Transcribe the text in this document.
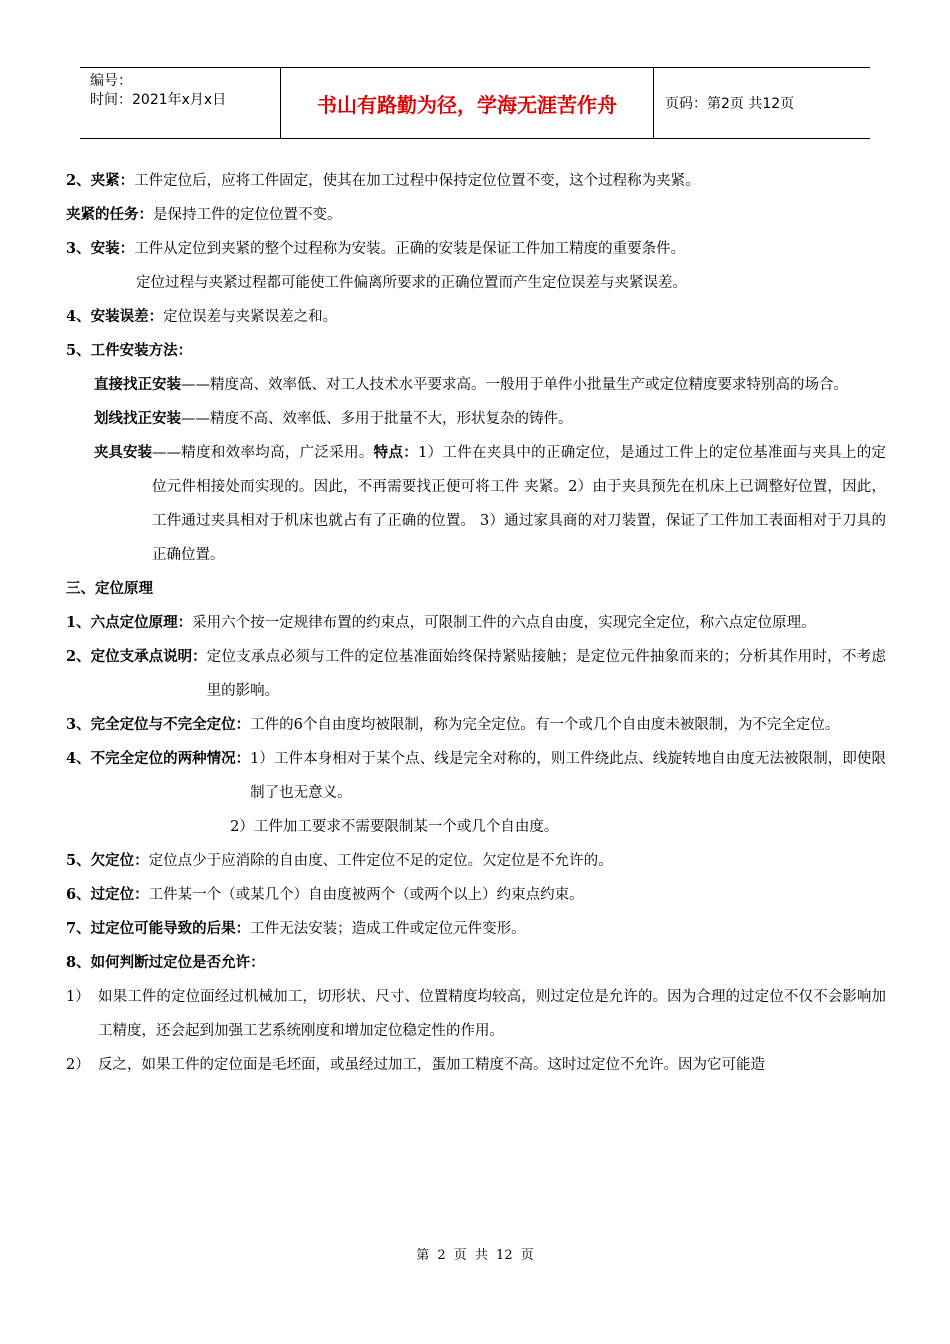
编号：
时间：2021年x月x日	书山有路勤为径，学海无涯苦作舟	页码：第2页 共12页
2、夹紧：工件定位后，应将工件固定，使其在加工过程中保持定位位置不变，这个过程称为夹紧。
夹紧的任务：是保持工件的定位位置不变。
3、安装：工件从定位到夹紧的整个过程称为安装。正确的安装是保证工件加工精度的重要条件。
定位过程与夹紧过程都可能使工件偏离所要求的正确位置而产生定位误差与夹紧误差。
4、安装误差：定位误差与夹紧误差之和。
5、工件安装方法：
直接找正安装 ——精度高、效率低、对工人技术水平要求高。一般用于单件小批量生产或定位精度要求特别高的场合。
划线找正安装——精度不高、效率低、多用于批量不大，形状复杂的铸件。
夹具安装 ——精度和效率均高，广泛采用。特点：1）工件在夹具中的正确定位，是通过工件上的定位基准面与夹具上的定位元件相接处而实现的。因此，不再需要找正便可将工件 夹紧。2）由于夹具预先在机床上已调整好位置，因此，工件通过夹具相对于机床也就占有了正确的位置。 3）通过家具商的对刀装置，保证了工件加工表面相对于刀具的正确位置。
三、定位原理
1、六点定位原理： 采用六个按一定规律布置的约束点，可限制工件的六点自由度，实现完全定位，称六点定位原理。
2、定位支承点说明： 定位支承点必须与工件的定位基准面始终保持紧贴接触；是定位元件抽象而来的；分析其作用时，不考虑里的影响。
3、完全定位与不完全定位： 工件的6个自由度均被限制，称为完全定位。有一个或几个自由度未被限制，为不完全定位。
4、不完全定位的两种情况： 1）工件本身相对于某个点、线是完全对称的，则工件绕此点、线旋转地自由度无法被限制，即使限制了也无意义。
2）工件加工要求不需要限制某一个或几个自由度。
5、欠定位：定位点少于应消除的自由度、工件定位不足的定位。欠定位是不允许的。
6、过定位：工件某一个（或某几个）自由度被两个（或两个以上）约束点约束。
7、过定位可能导致的后果：工件无法安装；造成工件或定位元件变形。
8、如何判断过定位是否允许：
1） 如果工件的定位面经过机械加工，切形状、尺寸、位置精度均较高，则过定位是允许的。因为合理的过定位不仅不会影响加工精度，还会起到加强工艺系统刚度和增加定位稳定性的作用。
2） 反之，如果工件的定位面是毛坯面，或虽经过加工，蛋加工精度不高。这时过定位不允许。因为它可能造
第 2 页 共 12 页
